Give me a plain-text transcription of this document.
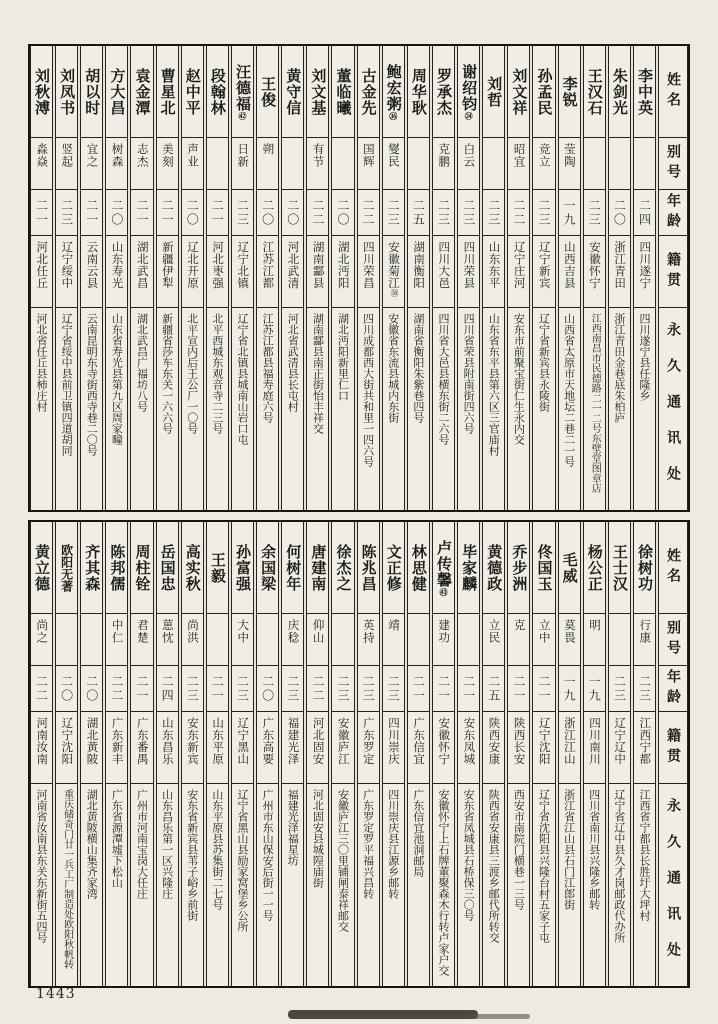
姓名
别号
年龄
籍贯
永久通讯处
李中英
二四
四川遂宁
四川遂宁县任隆乡
朱剑光
二〇
浙江青田
浙江青田金巷底朱柏庐
王汉石
二三
安徽怀宁
江西南昌市民德路二一二号东壁堂图章店
李锐
莹陶
一九
山西吉县
山西省太原市天地坛二巷二一号
孙孟民
竞立
二三
辽宁新宾
辽宁省新宾县永陵街
刘文祥
昭宜
二二
辽宁庄河
安东市前聚宝街仁生永内交
刘哲
二三
山东东平
山东省东平县第六区三官庙村
谢绍钧㉔
白云
二三
四川荣县
四川省荣县附南街四六号
罗承杰
克鹏
二三
四川大邑
四川省大邑县横东街二六号
周华耿
二五
湖南衡阳
湖南省衡阳朱紫巷四号
鲍宏粥㊱
燮民
二三
安徽菊江㉚
安徽省东流县城内东街
古金先
国辉
二二
四川荣昌
四川成都西大街共和里一四六号
董临曦
二〇
湖北沔阳
湖北沔阳新里仁口
刘文基
有节
二二
湖南酃县
湖南酃县南正街怡丰祥交
黄守信
二〇
河北武清
河北省武清县长屯村
王俊
朔
二〇
江苏江都
江苏江都县福寿庭六号
汪德福㊷
日新
二三
辽宁北镇
辽宁省北镇县城南山岩口屯
段翰林
二一
河北枣强
北平西城东观音寺二三号
赵中平
声业
二〇
辽北开原
北平宣内后王公厂一〇号
曹星北
美刻
二一
新疆伊犁
新疆省莎车东关一六六号
袁金潭
志杰
二一
湖北武昌
湖北武昌广福坊八号
方大昌
树森
二〇
山东寿光
山东省寿光县第九区周家疃
胡以时
宜之
二一
云南云县
云南昆明东寺街西寺巷二〇号
刘凤书
竖起
二三
辽宁绥中
辽宁省绥中县前卫镇四道胡同
刘秋溥
淼焱
二一
河北任丘
河北省任丘县柿庄村
姓名
别号
年龄
籍贯
永久通讯处
徐树功
行康
二三
江西宁都
江西省宁都县长胜圩大坪村
王士汉
二三
辽宁辽中
辽宁省辽中县久才岗邮政代办所
杨公正
明
一九
四川南川
四川省南川县兴隆乡邮转
毛威
莫畏
一九
浙江江山
浙江省江山县石门江郎街
佟国玉
立中
二一
辽宁沈阳
辽宁省沈阳县兴隆台村五家子屯
乔步洲
克
二一
陕西长安
西安市南院门横巷一三号
黄德政
立民
二五
陕西安康
陕西省安康县三渡乡邮代所转交
毕家麟
二一
安东凤城
安东省凤城县石桥保三〇号
卢传馨㊸
建功
二一
安徽怀宁
安徽怀宁上石牌董聚森木行转卢家户交
林思健
二一
广东信宜
广东信宜池洞邮局
文正修
靖
二三
四川崇庆
四川崇庆县江源乡邮转
陈兆昌
英持
二三
广东罗定
广东罗定罗平福兴昌转
徐杰之
二三
安徽庐江
安徽庐江三〇里铺闸泰祥邮交
唐建南
仰山
二二
河北固安
河北固安县城隍庙街
何树年
庆稔
二三
福建光泽
福建光泽福星坊
余国梁
二〇
广东高要
广州市东山保安后街一一号
孙富强
大中
二三
辽宁黑山
辽宁省黑山县励家窝堡乡公所
王毅
二一
山东平原
山东平原县苏集街二七号
高实秋
尚洪
二三
安东新宾
安东省新宾县苇子峪乡前街
岳国忠
葸忱
二四
山东昌乐
山东昌乐第一区兴隆庄
周柱铨
君楚
二一
广东番禺
广州市河南宝岗大任庄
陈邦儒
中仁
二二
广东新丰
广东省源潭墟下松山
齐其森
二〇
湖北黄陂
湖北黄陂横山集齐家湾
欧阳无著
二〇
辽宁沈阳
重庆储奇门廿一兵工厂制造处欧阳秋帆转
黄立德
尚之
二二
河南汝南
河南省汝南县东关东新街五四号
1443
